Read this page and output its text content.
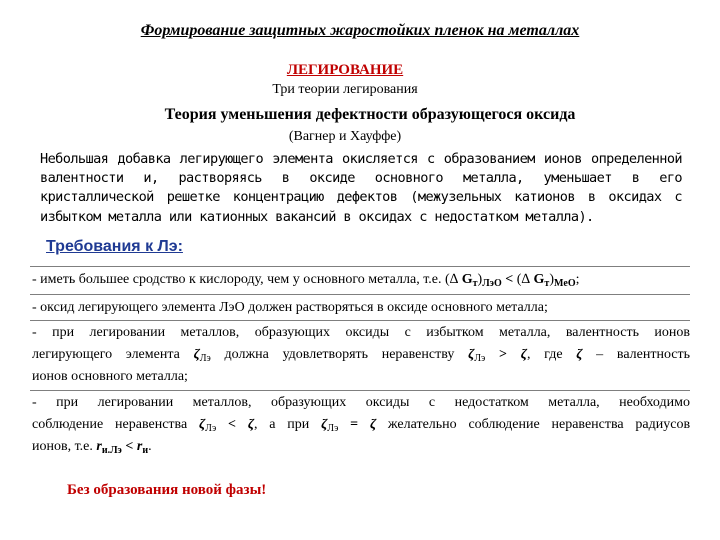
Формирование защитных жаростойких пленок на металлах
ЛЕГИРОВАНИЕ
Три теории легирования
Теория уменьшения дефектности образующегося оксида
(Вагнер и Хауффе)
Небольшая добавка легирующего элемента окисляется с образованием ионов определенной валентности и, растворяясь в оксиде основного металла, уменьшает в его кристаллической решетке концентрацию дефектов (межузельных катионов в оксидах с избытком металла или катионных вакансий в оксидах с недостатком металла).
Требования к Лэ:
- иметь большее сродство к кислороду, чем у основного металла, т.е. (∆ $G_т)_{ЛэO}$ < (∆ $G_т)_{MeO}$;
- оксид легирующего элемента ЛэO должен растворяться в оксиде основного металла;
- при легировании металлов, образующих оксиды с избытком металла, валентность ионов
легирующего элемента $\zeta_{Лэ}$ должна удовлетворять неравенству $\zeta_{Лэ} > \zeta$, где ζ – валентность
ионов основного металла;
- при легировании металлов, образующих оксиды с недостатком металла, необходимо
соблюдение неравенства $\zeta_{Лэ} < \zeta$, а при $\zeta_{Лэ} = \zeta$ желательно соблюдение неравенства радиусов
ионов, т.е. $r_{и.Лэ} < r_и$.
Без образования новой фазы!
